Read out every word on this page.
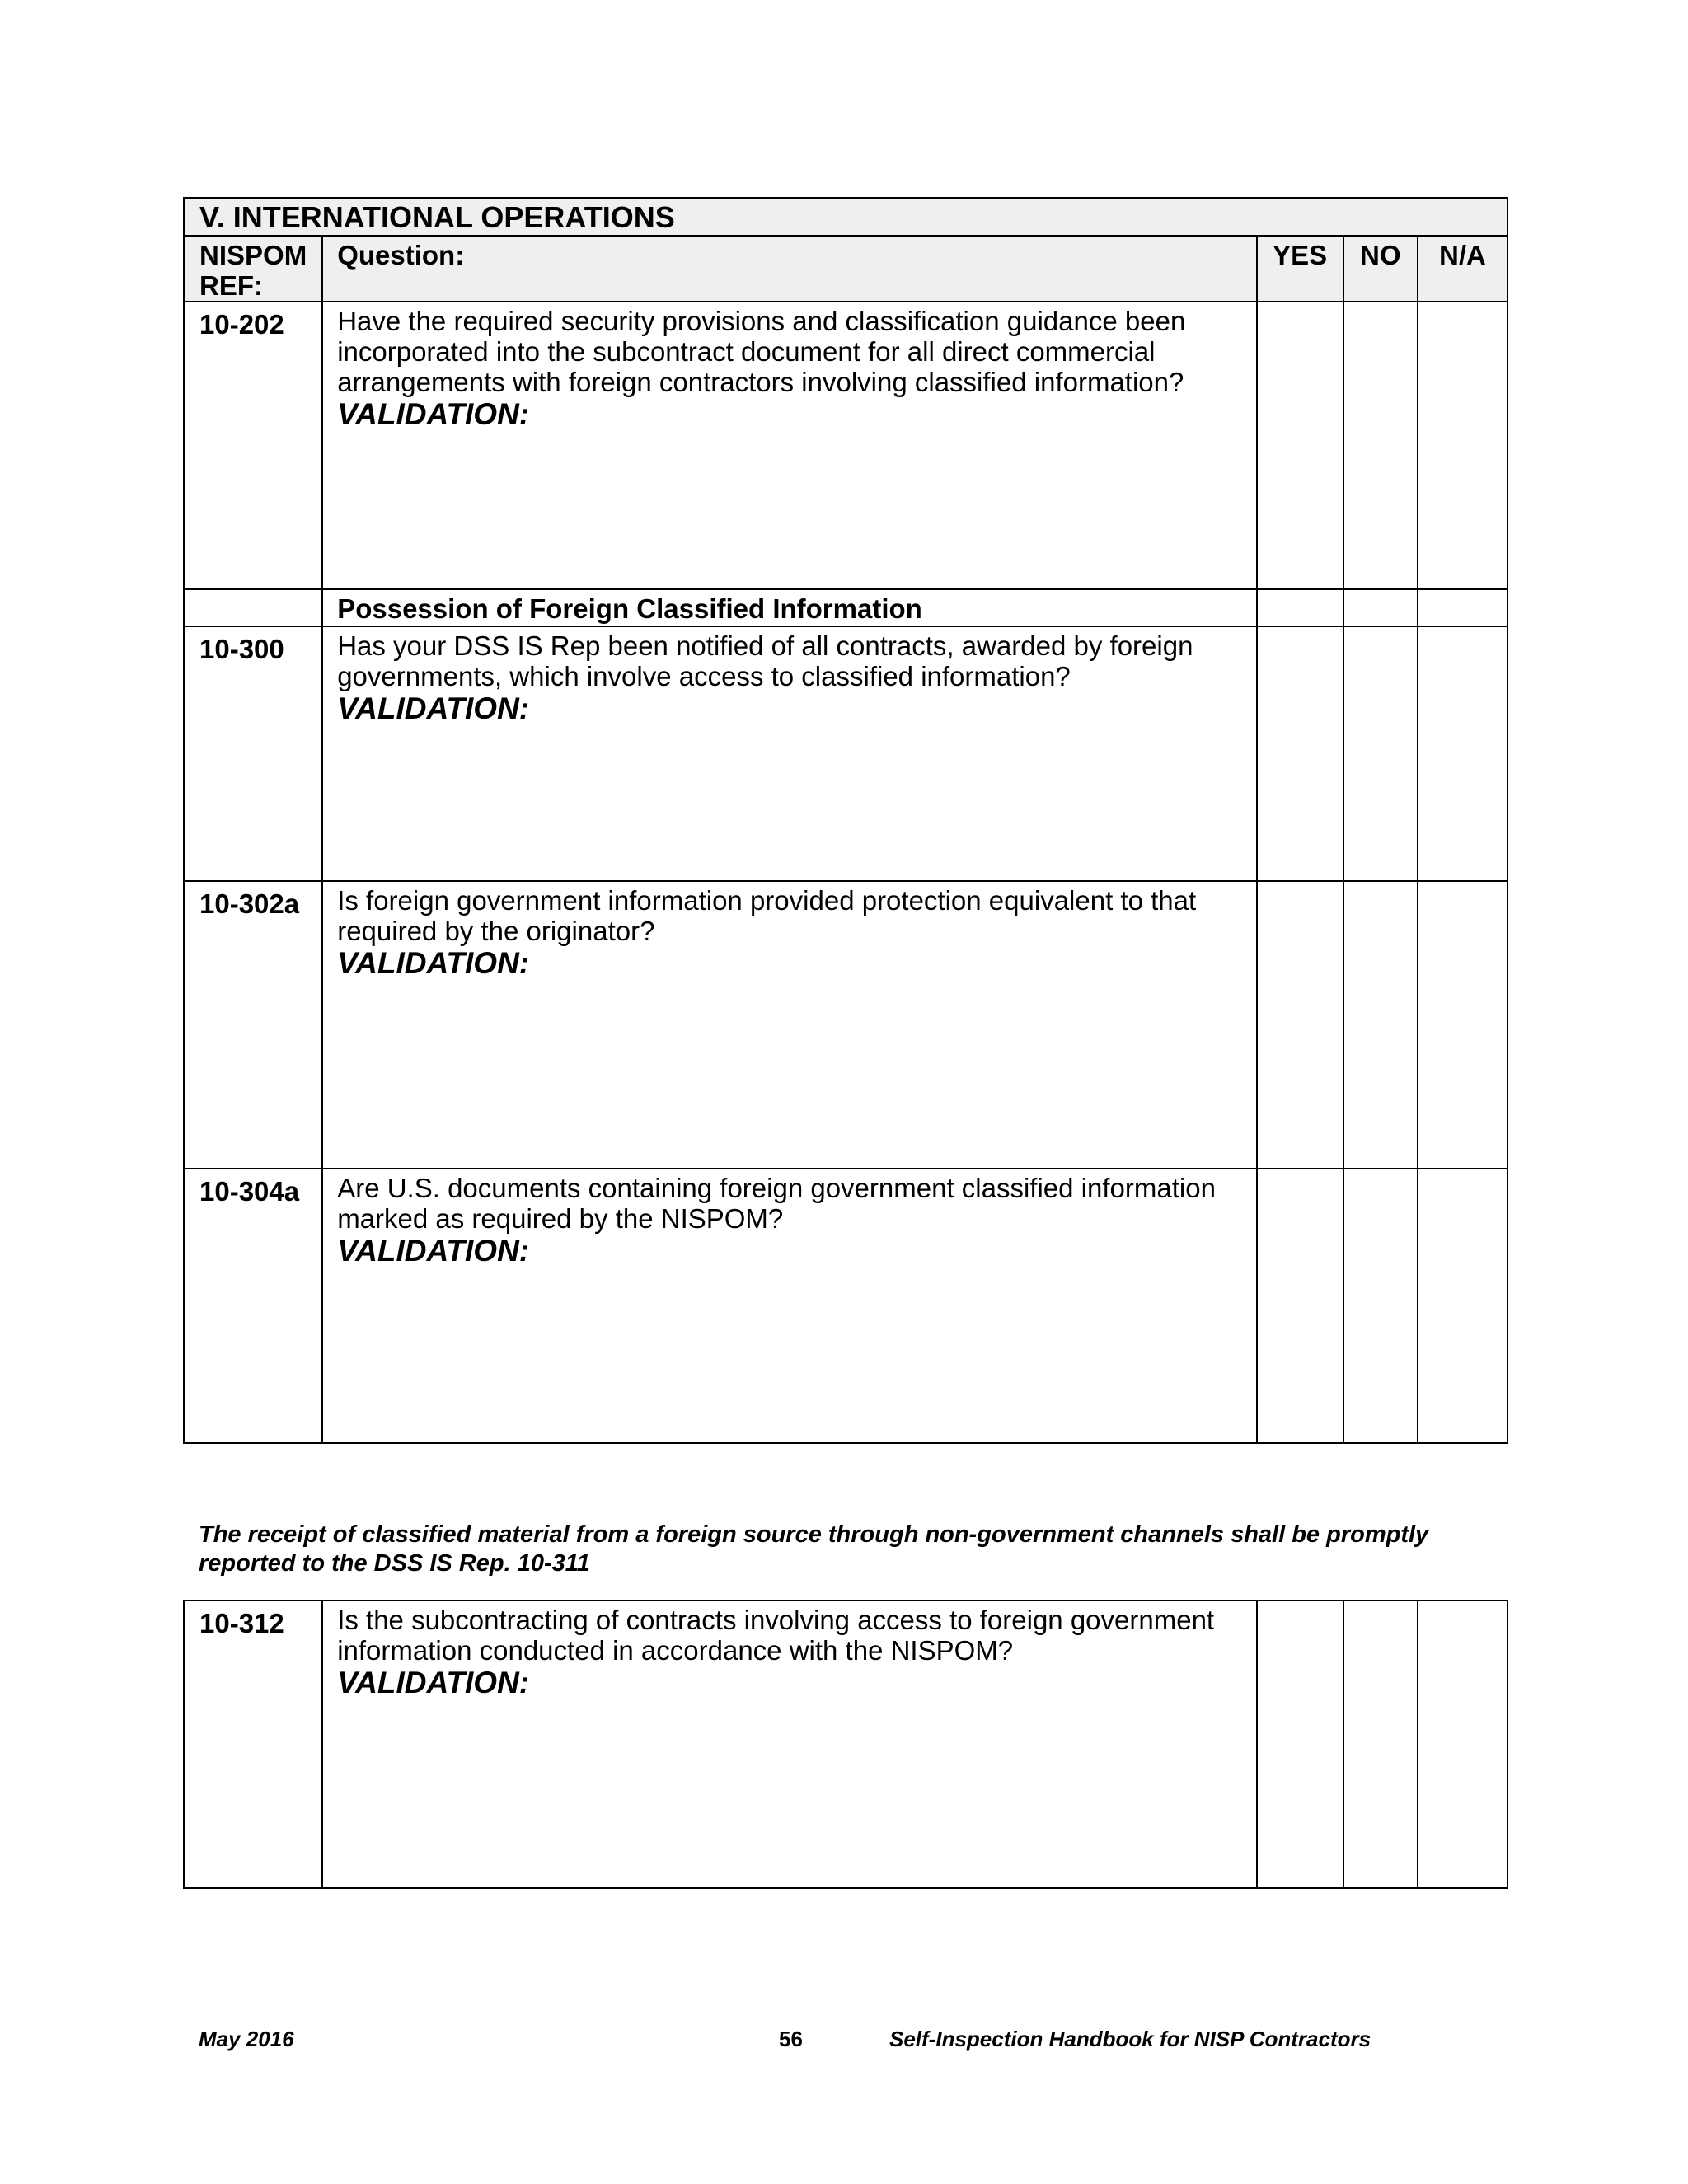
V. INTERNATIONAL OPERATIONS				
NISPOM REF:	Question:	YES	NO	N/A
10-202	Have the required security provisions and classification guidance been incorporated into the subcontract document for all direct commercial arrangements with foreign contractors involving classified information?
VALIDATION:			

	Possession of Foreign Classified Information			
10-300	Has your DSS IS Rep been notified of all contracts, awarded by foreign governments, which involve access to classified information?
VALIDATION:			

10-302a	Is foreign government information provided protection equivalent to that required by the originator?
VALIDATION:			

10-304a	Are U.S. documents containing foreign government classified information marked as required by the NISPOM?
VALIDATION:			

The receipt of classified material from a foreign source through non-government channels shall be promptly reported to the DSS IS Rep. 10-311
10-312	Is the subcontracting of contracts involving access to foreign government information conducted in accordance with the NISPOM?
VALIDATION:

May 2016	56	Self-Inspection Handbook for NISP Contractors
